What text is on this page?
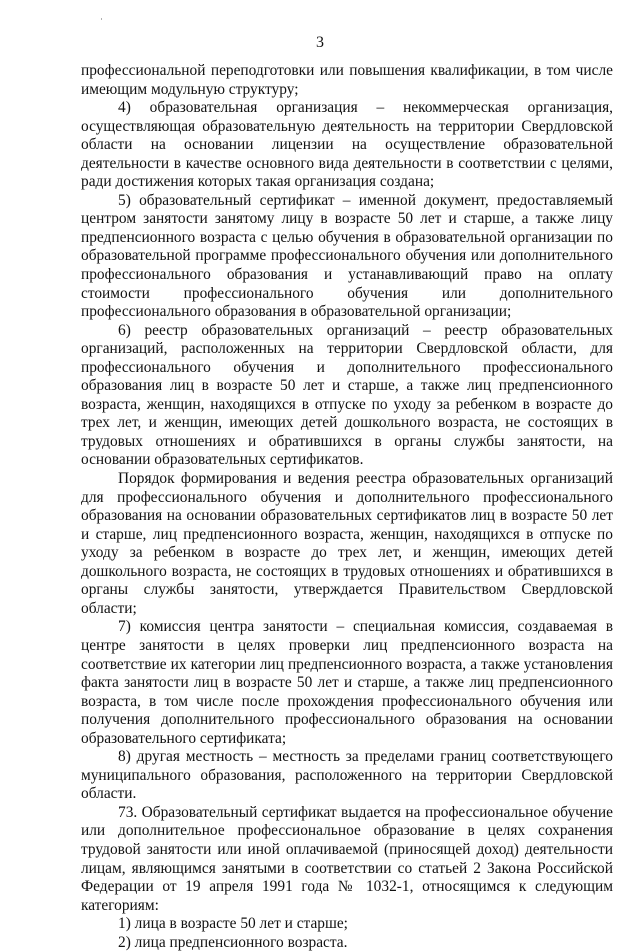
3

профессиональной переподготовки или повышения квалификации, в том числе имеющим модульную структуру;

4) образовательная организация – некоммерческая организация, осуществляющая образовательную деятельность на территории Свердловской области на основании лицензии на осуществление образовательной деятельности в качестве основного вида деятельности в соответствии с целями, ради достижения которых такая организация создана;

5) образовательный сертификат – именной документ, предоставляемый центром занятости занятому лицу в возрасте 50 лет и старше, а также лицу предпенсионного возраста с целью обучения в образовательной организации по образовательной программе профессионального обучения или дополнительного профессионального образования и устанавливающий право на оплату стоимости профессионального обучения или дополнительного профессионального образования в образовательной организации;

6) реестр образовательных организаций – реестр образовательных организаций, расположенных на территории Свердловской области, для профессионального обучения и дополнительного профессионального образования лиц в возрасте 50 лет и старше, а также лиц предпенсионного возраста, женщин, находящихся в отпуске по уходу за ребенком в возрасте до трех лет, и женщин, имеющих детей дошкольного возраста, не состоящих в трудовых отношениях и обратившихся в органы службы занятости, на основании образовательных сертификатов.

Порядок формирования и ведения реестра образовательных организаций для профессионального обучения и дополнительного профессионального образования на основании образовательных сертификатов лиц в возрасте 50 лет и старше, лиц предпенсионного возраста, женщин, находящихся в отпуске по уходу за ребенком в возрасте до трех лет, и женщин, имеющих детей дошкольного возраста, не состоящих в трудовых отношениях и обратившихся в органы службы занятости, утверждается Правительством Свердловской области;

7) комиссия центра занятости – специальная комиссия, создаваемая в центре занятости в целях проверки лиц предпенсионного возраста на соответствие их категории лиц предпенсионного возраста, а также установления факта занятости лиц в возрасте 50 лет и старше, а также лиц предпенсионного возраста, в том числе после прохождения профессионального обучения или получения дополнительного профессионального образования на основании образовательного сертификата;

8) другая местность – местность за пределами границ соответствующего муниципального образования, расположенного на территории Свердловской области.

73. Образовательный сертификат выдается на профессиональное обучение или дополнительное профессиональное образование в целях сохранения трудовой занятости или иной оплачиваемой (приносящей доход) деятельности лицам, являющимся занятыми в соответствии со статьей 2 Закона Российской Федерации от 19 апреля 1991 года № 1032-1, относящимся к следующим категориям:

1) лица в возрасте 50 лет и старше;

2) лица предпенсионного возраста.
